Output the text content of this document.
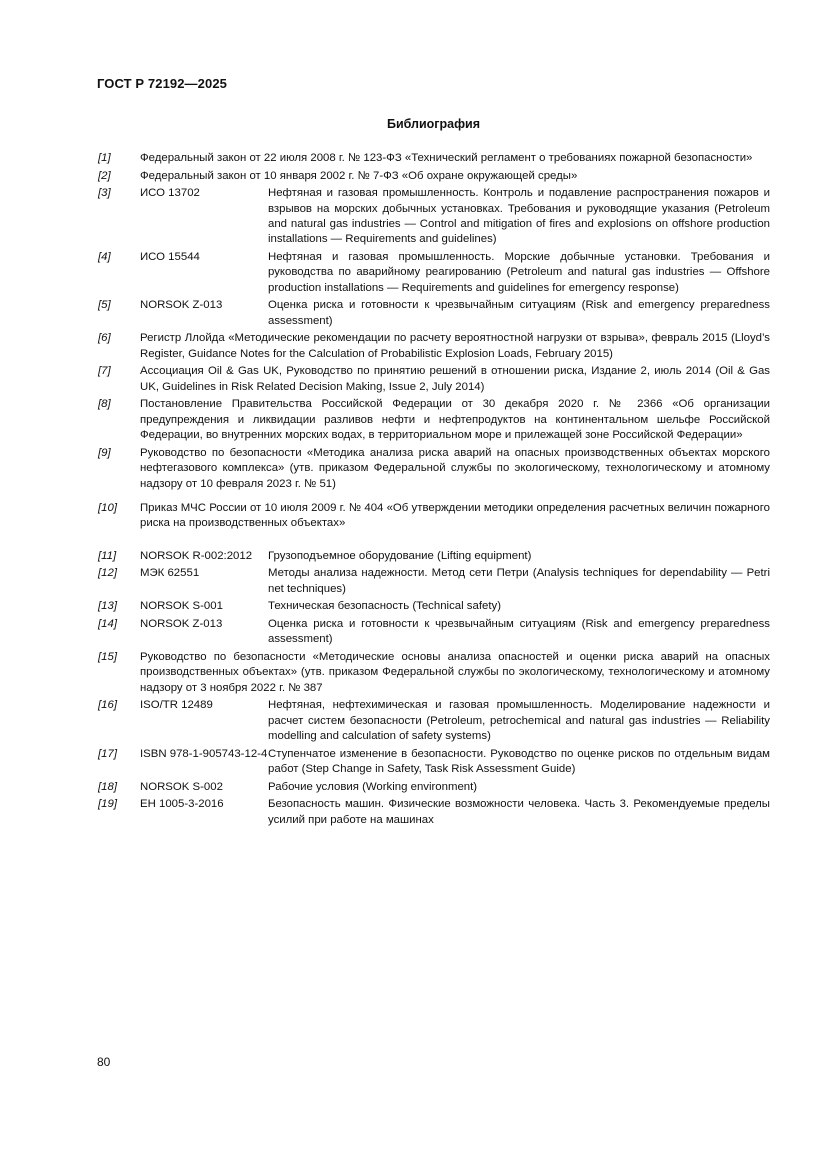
ГОСТ Р 72192—2025
Библиография
[1]	Федеральный закон от 22 июля 2008 г. № 123-ФЗ «Технический регламент о требованиях пожарной безопасности»
[2]	Федеральный закон от 10 января 2002 г. № 7-ФЗ «Об охране окружающей среды»
[3]	ИСО 13702	Нефтяная и газовая промышленность. Контроль и подавление распространения пожаров и взрывов на морских добычных установках. Требования и руководящие указания (Petroleum and natural gas industries — Control and mitigation of fires and explosions on offshore production installations — Requirements and guidelines)
[4]	ИСО 15544	Нефтяная и газовая промышленность. Морские добычные установки. Требования и руководства по аварийному реагированию (Petroleum and natural gas industries — Offshore production installations — Requirements and guidelines for emergency response)
[5]	NORSOK Z-013	Оценка риска и готовности к чрезвычайным ситуациям (Risk and emergency preparedness assessment)
[6]	Регистр Ллойда «Методические рекомендации по расчету вероятностной нагрузки от взрыва», февраль 2015 (Lloyd’s Register, Guidance Notes for the Calculation of Probabilistic Explosion Loads, February 2015)
[7]	Ассоциация Oil & Gas UK, Руководство по принятию решений в отношении риска, Издание 2, июль 2014 (Oil & Gas UK, Guidelines in Risk Related Decision Making, Issue 2, July 2014)
[8]	Постановление Правительства Российской Федерации от 30 декабря 2020 г. № 2366 «Об организации предупреждения и ликвидации разливов нефти и нефтепродуктов на континентальном шельфе Российской Федерации, во внутренних морских водах, в территориальном море и прилежащей зоне Российской Федерации»
[9]	Руководство по безопасности «Методика анализа риска аварий на опасных производственных объектах морского нефтегазового комплекса» (утв. приказом Федеральной службы по экологическому, технологическому и атомному надзору от 10 февраля 2023 г. № 51)
[10]	Приказ МЧС России от 10 июля 2009 г. № 404 «Об утверждении методики определения расчетных величин пожарного риска на производственных объектах»
[11]	NORSOK R-002:2012	Грузоподъемное оборудование (Lifting equipment)
[12]	МЭК 62551	Методы анализа надежности. Метод сети Петри (Analysis techniques for dependability — Petri net techniques)
[13]	NORSOK S-001	Техническая безопасность (Technical safety)
[14]	NORSOK Z-013	Оценка риска и готовности к чрезвычайным ситуациям (Risk and emergency preparedness assessment)
[15]	Руководство по безопасности «Методические основы анализа опасностей и оценки риска аварий на опасных производственных объектах» (утв. приказом Федеральной службы по экологическому, технологическому и атомному надзору от 3 ноября 2022 г. № 387
[16]	ISO/TR 12489	Нефтяная, нефтехимическая и газовая промышленность. Моделирование надежности и расчет систем безопасности (Petroleum, petrochemical and natural gas industries — Reliability modelling and calculation of safety systems)
[17]	ISBN 978-1-905743-12-4 Ступенчатое изменение в безопасности. Руководство по оценке рисков по отдельным видам работ (Step Change in Safety, Task Risk Assessment Guide)
[18]	NORSOK S-002	Рабочие условия (Working environment)
[19]	ЕН 1005-3-2016	Безопасность машин. Физические возможности человека. Часть 3. Рекомендуемые пределы усилий при работе на машинах
80
